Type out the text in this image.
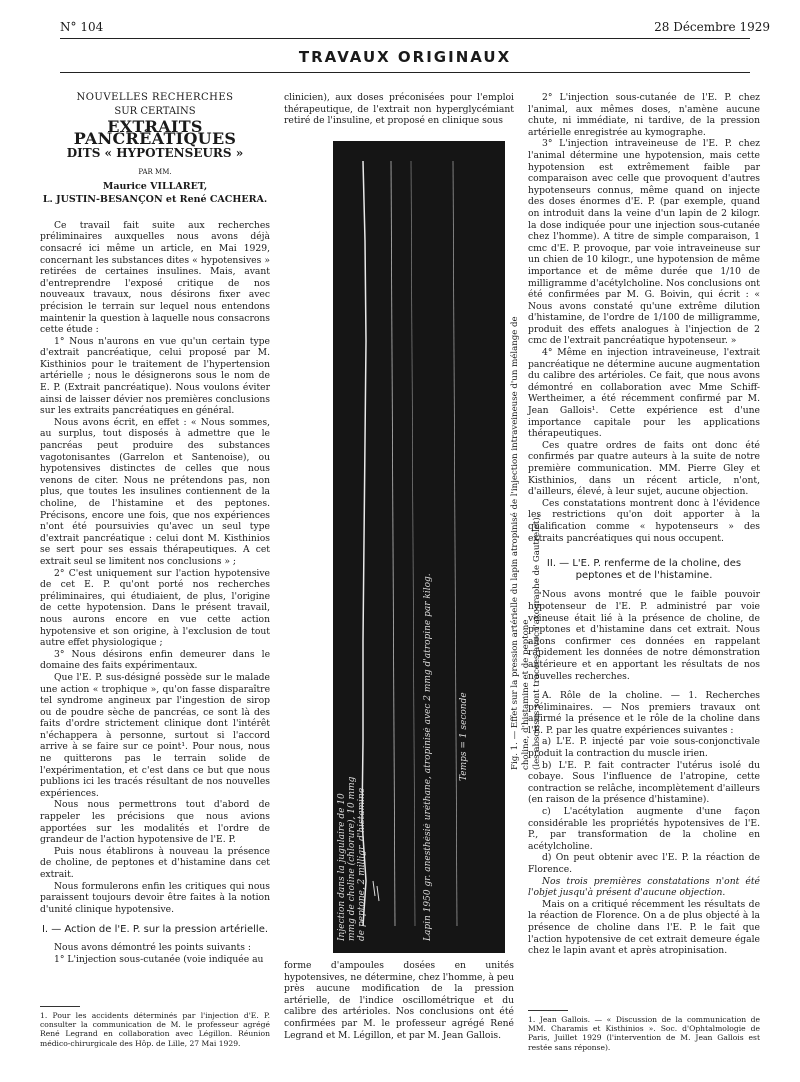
N° 104	28 Décembre 1929
TRAVAUX ORIGINAUX
NOUVELLES RECHERCHES
SUR CERTAINS
EXTRAITS PANCRÉATIQUES
DITS « HYPOTENSEURS »
PAR MM.
Maurice VILLARET,
L. JUSTIN-BESANÇON et René CACHERA.

Ce travail fait suite aux recherches préliminaires auxquelles nous avons déjà consacré ici même un article, en Mai 1929, concernant les substances dites « hypotensives » retirées de certaines insulines. Mais, avant d'entreprendre l'exposé critique de nos nouveaux travaux, nous désirons fixer avec précision le terrain sur lequel nous entendons maintenir la question à laquelle nous consacrons cette étude :

1° Nous n'aurons en vue qu'un certain type d'extrait pancréatique, celui proposé par M. Kisthinios pour le traitement de l'hypertension artérielle ; nous le désignerons sous le nom de E. P. (Extrait pancréatique). Nous voulons éviter ainsi de laisser dévier nos premières conclusions sur les extraits pancréatiques en général.

Nous avons écrit, en effet : « Nous sommes, au surplus, tout disposés à admettre que le pancréas peut produire des substances vagotonisantes (Garrelon et Santenoise), ou hypotensives distinctes de celles que nous venons de citer. Nous ne prétendons pas, non plus, que toutes les insulines contiennent de la choline, de l'histamine et des peptones. Précisons, encore une fois, que nos expériences n'ont été poursuivies qu'avec un seul type d'extrait pancréatique : celui dont M. Kisthinios se sert pour ses essais thérapeutiques. A cet extrait seul se limitent nos conclusions » ;

2° C'est uniquement sur l'action hypotensive de cet E. P. qu'ont porté nos recherches préliminaires, qui étudiaient, de plus, l'origine de cette hypotension. Dans le présent travail, nous aurons encore en vue cette action hypotensive et son origine, à l'exclusion de tout autre effet physiologique ;

3° Nous désirons enfin demeurer dans le domaine des faits expérimentaux.

Que l'E. P. sus-désigné possède sur le malade une action « trophique », qu'on fasse disparaître tel syndrome angineux par l'ingestion de sirop ou de poudre sèche de pancréas, ce sont là des faits d'ordre strictement clinique dont l'intérêt n'échappera à personne, surtout si l'accord arrive à se faire sur ce point¹. Pour nous, nous ne quitterons pas le terrain solide de l'expérimentation, et c'est dans ce but que nous publions ici les tracés résultant de nos nouvelles expériences.

Nous nous permettrons tout d'abord de rappeler les précisions que nous avions apportées sur les modalités et l'ordre de grandeur de l'action hypotensive de l'E. P.

Puis nous établirons à nouveau la présence de choline, de peptones et d'histamine dans cet extrait.

Nous formulerons enfin les critiques qui nous paraissent toujours devoir être faites à la notion d'unité clinique hypotensive.

I. — Action de l'E. P. sur la pression artérielle.

Nous avons démontré les points suivants :

1° L'injection sous-cutanée (voie indiquée au

1. Pour les accidents déterminés par l'injection d'E. P. consulter la communication de M. le professeur agrégé René Legrand en collaboration avec Légillon. Réunion médico-chirurgicale des Hôp. de Lille, 27 Mai 1929.
clinicien), aux doses préconisées pour l'emploi thérapeutique, de l'extrait non hyperglycémiant retiré de l'insuline, et proposé en clinique sous
Injection dans la jugulaire de 10 mmg de choline (chlorure), 10 mmg de peptone, 2 milligr. d'histamine	Lapin 1950 gr. anesthésié uréthane, atropinisé avec 2 mmg d'atropine par kilog.	Temps = 1 seconde	Fig. 1. — Effet sur la pression artérielle du lapin atropinisé de l'injection intraveineuse d'un mélange de choline, d'histamine et de peptone
(les abscisses sont tracées avec l'axographe de Gautrelet).
forme d'ampoules dosées en unités hypotensives, ne détermine, chez l'homme, à peu près aucune modification de la pression artérielle, de l'indice oscillométrique et du calibre des artérioles. Nos conclusions ont été confirmées par M. le professeur agrégé René Legrand et M. Légillon, et par M. Jean Gallois.

2° L'injection sous-cutanée de l'E. P. chez l'animal, aux mêmes doses, n'amène aucune chute, ni immédiate, ni tardive, de la pression artérielle enregistrée au kymographe.

3° L'injection intraveineuse de l'E. P. chez l'animal détermine une hypotension, mais cette hypotension est extrêmement faible par comparaison avec celle que provoquent d'autres hypotenseurs connus, même quand on injecte des doses énormes d'E. P. (par exemple, quand on introduit dans la veine d'un lapin de 2 kilogr. la dose indiquée pour une injection sous-cutanée chez l'homme). A titre de simple comparaison, 1 cmc d'E. P. provoque, par voie intraveineuse sur un chien de 10 kilogr., une hypotension de même importance et de même durée que 1/10 de milligramme d'acétylcholine. Nos conclusions ont été confirmées par M. G. Boivin, qui écrit : « Nous avons constaté qu'une extrême dilution d'histamine, de l'ordre de 1/100 de milligramme, produit des effets analogues à l'injection de 2 cmc de l'extrait pancréatique hypotenseur. »

4° Même en injection intraveineuse, l'extrait pancréatique ne détermine aucune augmentation du calibre des artérioles. Ce fait, que nous avons démontré en collaboration avec Mme Schiff-Wertheimer, a été récemment confirmé par M. Jean Gallois¹. Cette expérience est d'une importance capitale pour les applications thérapeutiques.

Ces quatre ordres de faits ont donc été confirmés par quatre auteurs à la suite de notre première communication. MM. Pierre Gley et Kisthinios, dans un récent article, n'ont, d'ailleurs, élevé, à leur sujet, aucune objection.

Ces constatations montrent donc à l'évidence les restrictions qu'on doit apporter à la qualification comme « hypotenseurs » des extraits pancréatiques qui nous occupent.

II. — L'E. P. renferme de la choline, des peptones et de l'histamine.

Nous avons montré que le faible pouvoir hypotenseur de l'E. P. administré par voie veineuse était lié à la présence de choline, de peptones et d'histamine dans cet extrait. Nous allons confirmer ces données en rappelant rapidement les données de notre démonstration antérieure et en apportant les résultats de nos nouvelles recherches.

A. Rôle de la choline. — 1. Recherches préliminaires. — Nos premiers travaux ont affirmé la présence et le rôle de la choline dans l'E. P. par les quatre expériences suivantes :

a) L'E. P. injecté par voie sous-conjonctivale produit la contraction du muscle irien.

b) L'E. P. fait contracter l'utérus isolé du cobaye. Sous l'influence de l'atropine, cette contraction se relâche, incomplètement d'ailleurs (en raison de la présence d'histamine).

c) L'acétylation augmente d'une façon considérable les propriétés hypotensives de l'E. P., par transformation de la choline en acétylcholine.

d) On peut obtenir avec l'E. P. la réaction de Florence.

Nos trois premières constatations n'ont été l'objet jusqu'à présent d'aucune objection.

Mais on a critiqué récemment les résultats de la réaction de Florence. On a de plus objecté à la présence de choline dans l'E. P. le fait que l'action hypotensive de cet extrait demeure égale chez le lapin avant et après atropinisation.

1. Jean Gallois. — « Discussion de la communication de MM. Charamis et Kisthinios ». Soc. d'Ophtalmologie de Paris, Juillet 1929 (l'intervention de M. Jean Gallois est restée sans réponse).
